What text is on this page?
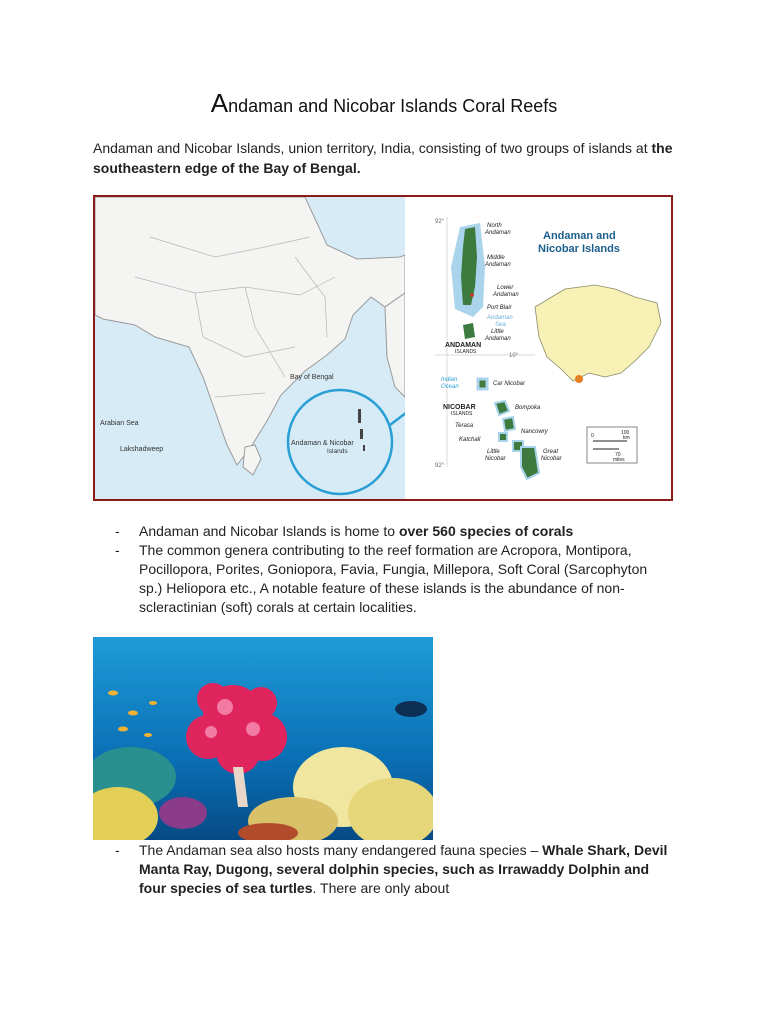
Andaman and Nicobar Islands Coral Reefs

Andaman and Nicobar Islands, union territory, India, consisting of two groups of islands at the southeastern edge of the Bay of Bengal.

Bay of Bengal
Arabian Sea
Lakshadweep
Andaman & Nicobar
Islands
92°
92°
10°
Andaman and
Nicobar Islands
North
Andaman
Middle
Andaman
Lower
Andaman
Port Blair
Andaman
Sea
Little
Andaman
ANDAMAN
ISLANDS
Indian
Ocean	Car Nicobar
NICOBAR
ISLANDS
Bompoka
Terasa
Nancowry
Katchall
Little
Nicobar
Great
Nicobar
0	100
km
70
miles
- Andaman and Nicobar Islands is home to over 560 species of corals
- The common genera contributing to the reef formation are Acropora, Montipora, Pocillopora, Porites, Goniopora, Favia, Fungia, Millepora, Soft Coral (Sarcophyton sp.) Heliopora etc., A notable feature of these islands is the abundance of non-scleractinian (soft) corals at certain localities.
- The Andaman sea also hosts many endangered fauna species – Whale Shark, Devil Manta Ray, Dugong, several dolphin species, such as Irrawaddy Dolphin and four species of sea turtles. There are only about
